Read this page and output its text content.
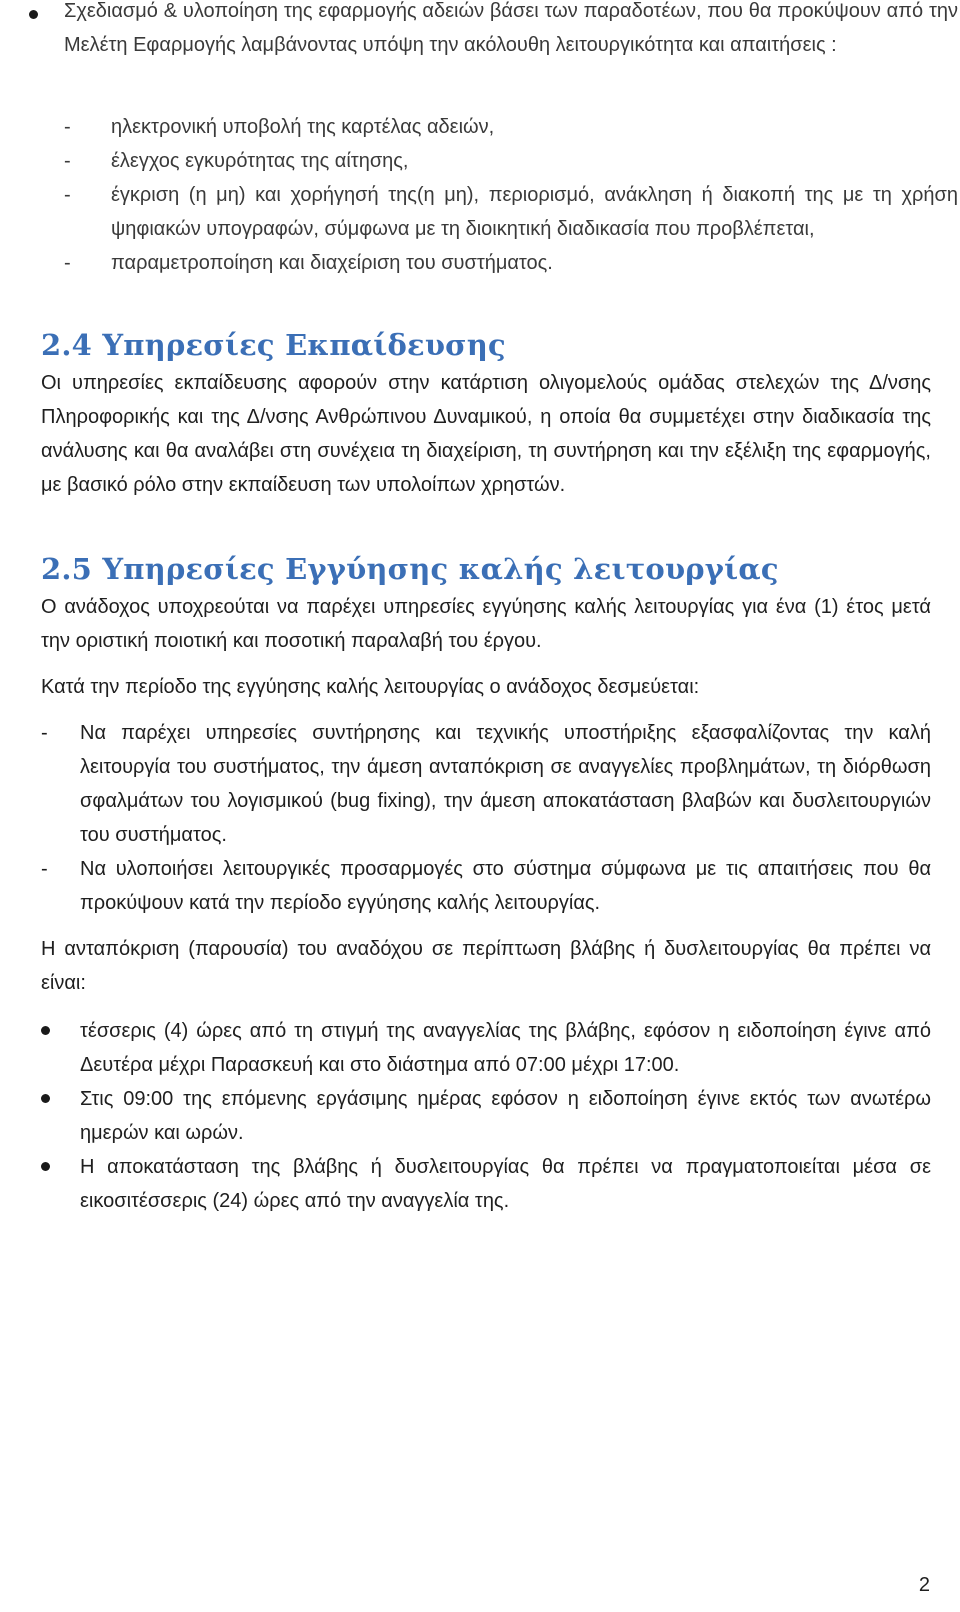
Σχεδιασμό & υλοποίηση της εφαρμογής αδειών βάσει των παραδοτέων, που θα προκύψουν από την Μελέτη Εφαρμογής λαμβάνοντας υπόψη την ακόλουθη λειτουργικότητα και απαιτήσεις :
- ηλεκτρονική υποβολή της καρτέλας αδειών,
- έλεγχος εγκυρότητας της αίτησης,
- έγκριση (η μη) και χορήγησή της(η μη), περιορισμό, ανάκληση ή διακοπή της με τη χρήση ψηφιακών υπογραφών, σύμφωνα με τη διοικητική διαδικασία που προβλέπεται,
- παραμετροποίηση και διαχείριση του συστήματος.
2.4 Υπηρεσίες Εκπαίδευσης
Οι υπηρεσίες εκπαίδευσης αφορούν στην κατάρτιση ολιγομελούς ομάδας στελεχών της Δ/νσης Πληροφορικής και της Δ/νσης Ανθρώπινου Δυναμικού, η οποία θα συμμετέχει στην διαδικασία της ανάλυσης και θα αναλάβει στη συνέχεια τη διαχείριση, τη συντήρηση και την εξέλιξη της εφαρμογής, με βασικό ρόλο στην εκπαίδευση των υπολοίπων χρηστών.
2.5 Υπηρεσίες Εγγύησης καλής λειτουργίας
Ο ανάδοχος υποχρεούται να παρέχει υπηρεσίες εγγύησης καλής λειτουργίας για ένα (1) έτος μετά την οριστική ποιοτική και ποσοτική παραλαβή του έργου.
Κατά την περίοδο της εγγύησης καλής λειτουργίας ο ανάδοχος δεσμεύεται:
- Να παρέχει υπηρεσίες συντήρησης και τεχνικής υποστήριξης εξασφαλίζοντας την καλή λειτουργία του συστήματος, την άμεση ανταπόκριση σε αναγγελίες προβλημάτων, τη διόρθωση σφαλμάτων του λογισμικού (bug fixing), την άμεση αποκατάσταση βλαβών και δυσλειτουργιών του συστήματος.
- Να υλοποιήσει λειτουργικές προσαρμογές στο σύστημα σύμφωνα με τις απαιτήσεις που θα προκύψουν κατά την περίοδο εγγύησης καλής λειτουργίας.
Η ανταπόκριση (παρουσία) του αναδόχου σε περίπτωση βλάβης ή δυσλειτουργίας θα πρέπει να είναι:
τέσσερις (4) ώρες από τη στιγμή της αναγγελίας της βλάβης, εφόσον η ειδοποίηση έγινε από Δευτέρα μέχρι Παρασκευή και στο διάστημα από 07:00 μέχρι 17:00.
Στις 09:00 της επόμενης εργάσιμης ημέρας εφόσον η ειδοποίηση έγινε εκτός των ανωτέρω ημερών και ωρών.
Η αποκατάσταση της βλάβης ή δυσλειτουργίας θα πρέπει να πραγματοποιείται μέσα σε εικοσιτέσσερις (24) ώρες από την αναγγελία της.
2
